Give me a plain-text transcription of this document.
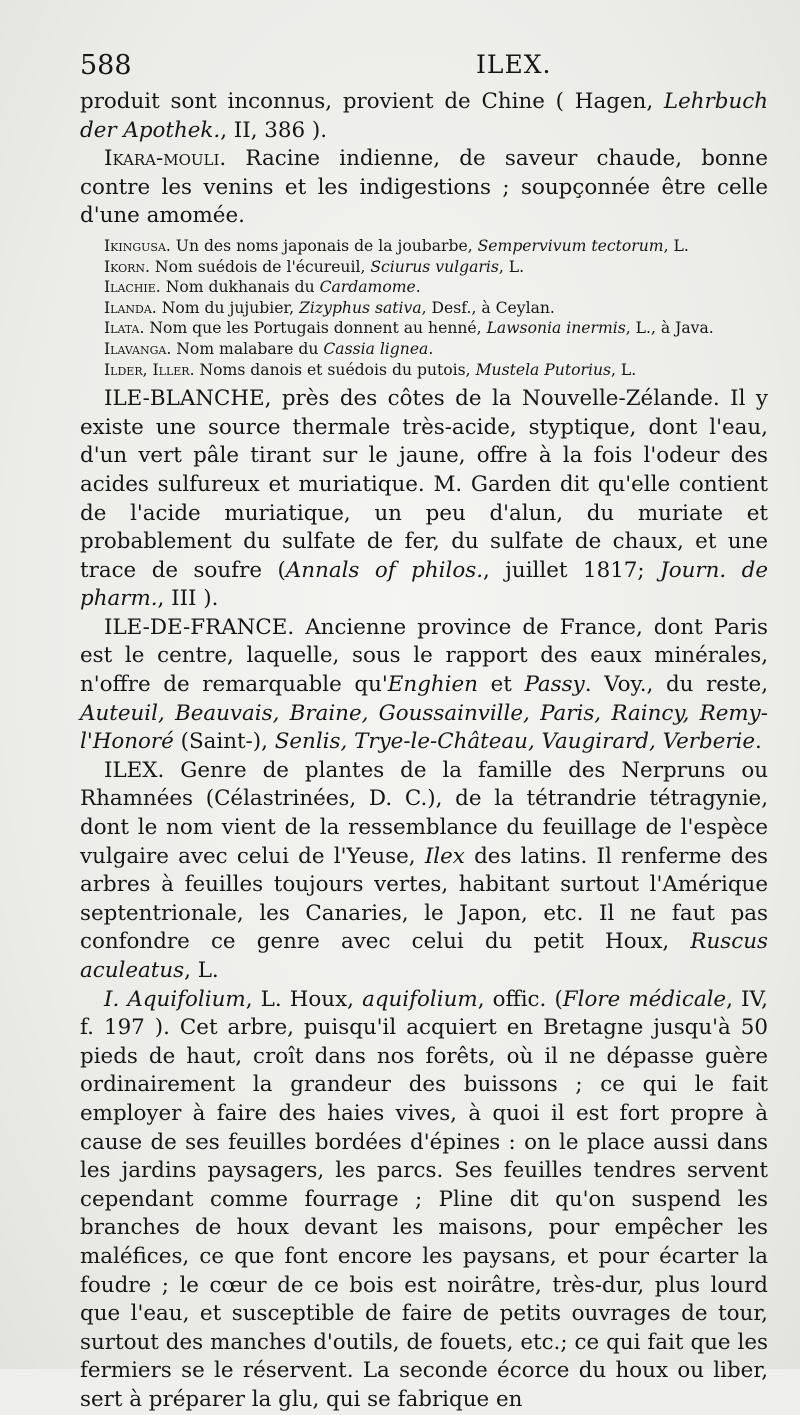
588	ILEX.

produit sont inconnus, provient de Chine ( Hagen, Lehrbuch der Apothek., II, 386 ).

Ikara-mouli. Racine indienne, de saveur chaude, bonne contre les venins et les indigestions ; soupçonnée être celle d'une amomée.

Ikingusa. Un des noms japonais de la joubarbe, Sempervivum tectorum, L.

Ikorn. Nom suédois de l'écureuil, Sciurus vulgaris, L.

Ilachie. Nom dukhanais du Cardamome.

Ilanda. Nom du jujubier, Zizyphus sativa, Desf., à Ceylan.

Ilata. Nom que les Portugais donnent au henné, Lawsonia inermis, L., à Java.

Ilavanga. Nom malabare du Cassia lignea.

Ilder, Iller. Noms danois et suédois du putois, Mustela Putorius, L.

ILE-BLANCHE, près des côtes de la Nouvelle-Zélande. Il y existe une source thermale très-acide, styptique, dont l'eau, d'un vert pâle tirant sur le jaune, offre à la fois l'odeur des acides sulfureux et muriatique. M. Garden dit qu'elle contient de l'acide muriatique, un peu d'alun, du muriate et probablement du sulfate de fer, du sulfate de chaux, et une trace de soufre (Annals of philos., juillet 1817; Journ. de pharm., III ).

ILE-DE-FRANCE. Ancienne province de France, dont Paris est le centre, laquelle, sous le rapport des eaux minérales, n'offre de remarquable qu'Enghien et Passy. Voy., du reste, Auteuil, Beauvais, Braine, Goussainville, Paris, Raincy, Remy-l'Honoré (Saint-), Senlis, Trye-le-Château, Vaugirard, Verberie.

ILEX. Genre de plantes de la famille des Nerpruns ou Rhamnées (Célastrinées, D. C.), de la tétrandrie tétragynie, dont le nom vient de la ressemblance du feuillage de l'espèce vulgaire avec celui de l'Yeuse, Ilex des latins. Il renferme des arbres à feuilles toujours vertes, habitant surtout l'Amérique septentrionale, les Canaries, le Japon, etc. Il ne faut pas confondre ce genre avec celui du petit Houx, Ruscus aculeatus, L.

I. Aquifolium, L. Houx, aquifolium, offic. (Flore médicale, IV, f. 197 ). Cet arbre, puisqu'il acquiert en Bretagne jusqu'à 50 pieds de haut, croît dans nos forêts, où il ne dépasse guère ordinairement la grandeur des buissons ; ce qui le fait employer à faire des haies vives, à quoi il est fort propre à cause de ses feuilles bordées d'épines : on le place aussi dans les jardins paysagers, les parcs. Ses feuilles tendres servent cependant comme fourrage ; Pline dit qu'on suspend les branches de houx devant les maisons, pour empêcher les maléfices, ce que font encore les paysans, et pour écarter la foudre ; le cœur de ce bois est noirâtre, très-dur, plus lourd que l'eau, et susceptible de faire de petits ouvrages de tour, surtout des manches d'outils, de fouets, etc.; ce qui fait que les fermiers se le réservent. La seconde écorce du houx ou liber, sert à préparer la glu, qui se fabrique en
